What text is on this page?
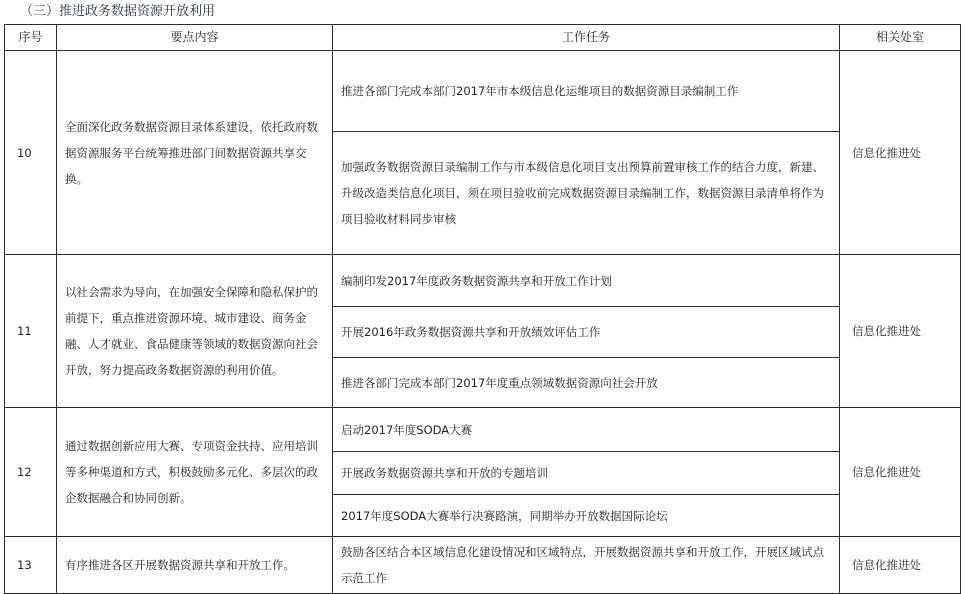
（三）推进政务数据资源开放利用
序号	要点内容	工作任务	相关处室
10	全面深化政务数据资源目录体系建设，依托政府数据资源服务平台统筹推进部门间数据资源共享交换。	推进各部门完成本部门2017年市本级信息化运维项目的数据资源目录编制工作
加强政务数据资源目录编制工作与市本级信息化项目支出预算前置审核工作的结合力度，新建、升级改造类信息化项目，须在项目验收前完成数据资源目录编制工作，数据资源目录清单将作为项目验收材料同步审核	信息化推进处
11	以社会需求为导向，在加强安全保障和隐私保护的前提下，重点推进资源环境、城市建设、商务金融、人才就业、食品健康等领域的数据资源向社会开放，努力提高政务数据资源的利用价值。	编制印发2017年度政务数据资源共享和开放工作计划
开展2016年政务数据资源共享和开放绩效评估工作
推进各部门完成本部门2017年度重点领域数据资源向社会开放	信息化推进处
12	通过数据创新应用大赛、专项资金扶持、应用培训等多种渠道和方式，积极鼓励多元化、多层次的政企数据融合和协同创新。	启动2017年度SODA大赛
开展政务数据资源共享和开放的专题培训
2017年度SODA大赛举行决赛路演，同期举办开放数据国际论坛	信息化推进处
13	有序推进各区开展数据资源共享和开放工作。	鼓励各区结合本区域信息化建设情况和区域特点，开展数据资源共享和开放工作，开展区域试点示范工作	信息化推进处
